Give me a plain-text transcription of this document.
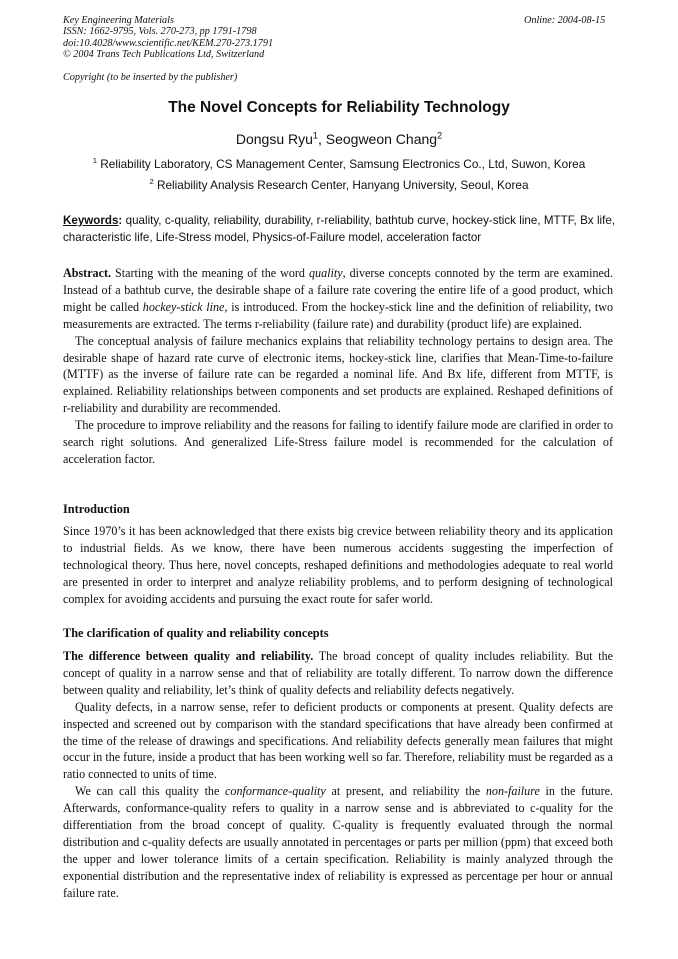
Key Engineering Materials
ISSN: 1662-9795, Vols. 270-273, pp 1791-1798
doi:10.4028/www.scientific.net/KEM.270-273.1791
© 2004 Trans Tech Publications Ltd, Switzerland
Online: 2004-08-15
Copyright (to be inserted by the publisher)
The Novel Concepts for Reliability Technology
Dongsu Ryu$^1$, Seogweon Chang$^2$
$^1$ Reliability Laboratory, CS Management Center, Samsung Electronics Co., Ltd, Suwon, Korea
$^2$ Reliability Analysis Research Center, Hanyang University, Seoul, Korea
Keywords: quality, c-quality, reliability, durability, r-reliability, bathtub curve, hockey-stick line, MTTF, Bx life, characteristic life, Life-Stress model, Physics-of-Failure model, acceleration factor

Abstract. Starting with the meaning of the word quality, diverse concepts connoted by the term are examined. Instead of a bathtub curve, the desirable shape of a failure rate covering the entire life of a good product, which might be called hockey-stick line, is introduced. From the hockey-stick line and the definition of reliability, two measurements are extracted. The terms r-reliability (failure rate) and durability (product life) are explained.

The conceptual analysis of failure mechanics explains that reliability technology pertains to design area. The desirable shape of hazard rate curve of electronic items, hockey-stick line, clarifies that Mean-Time-to-failure (MTTF) as the inverse of failure rate can be regarded a nominal life. And Bx life, different from MTTF, is explained. Reliability relationships between components and set products are explained. Reshaped definitions of r-reliability and durability are recommended.

The procedure to improve reliability and the reasons for failing to identify failure mode are clarified in order to search right solutions. And generalized Life-Stress failure model is recommended for the calculation of acceleration factor.

Introduction

Since 1970’s it has been acknowledged that there exists big crevice between reliability theory and its application to industrial fields. As we know, there have been numerous accidents suggesting the imperfection of technological theory. Thus here, novel concepts, reshaped definitions and methodologies adequate to real world are presented in order to interpret and analyze reliability problems, and to perform designing of technological complex for avoiding accidents and pursuing the exact route for safer world.

The clarification of quality and reliability concepts

The difference between quality and reliability. The broad concept of quality includes reliability. But the concept of quality in a narrow sense and that of reliability are totally different. To narrow down the difference between quality and reliability, let’s think of quality defects and reliability defects negatively.

Quality defects, in a narrow sense, refer to deficient products or components at present. Quality defects are inspected and screened out by comparison with the standard specifications that have already been confirmed at the time of the release of drawings and specifications. And reliability defects generally mean failures that might occur in the future, inside a product that has been working well so far. Therefore, reliability must be regarded as a ratio connected to units of time.

We can call this quality the conformance-quality at present, and reliability the non-failure in the future. Afterwards, conformance-quality refers to quality in a narrow sense and is abbreviated to c-quality for the differentiation from the broad concept of quality. C-quality is frequently evaluated through the normal distribution and c-quality defects are usually annotated in percentages or parts per million (ppm) that exceed both the upper and lower tolerance limits of a certain specification. Reliability is mainly analyzed through the exponential distribution and the representative index of reliability is expressed as percentage per hour or annual failure rate.
